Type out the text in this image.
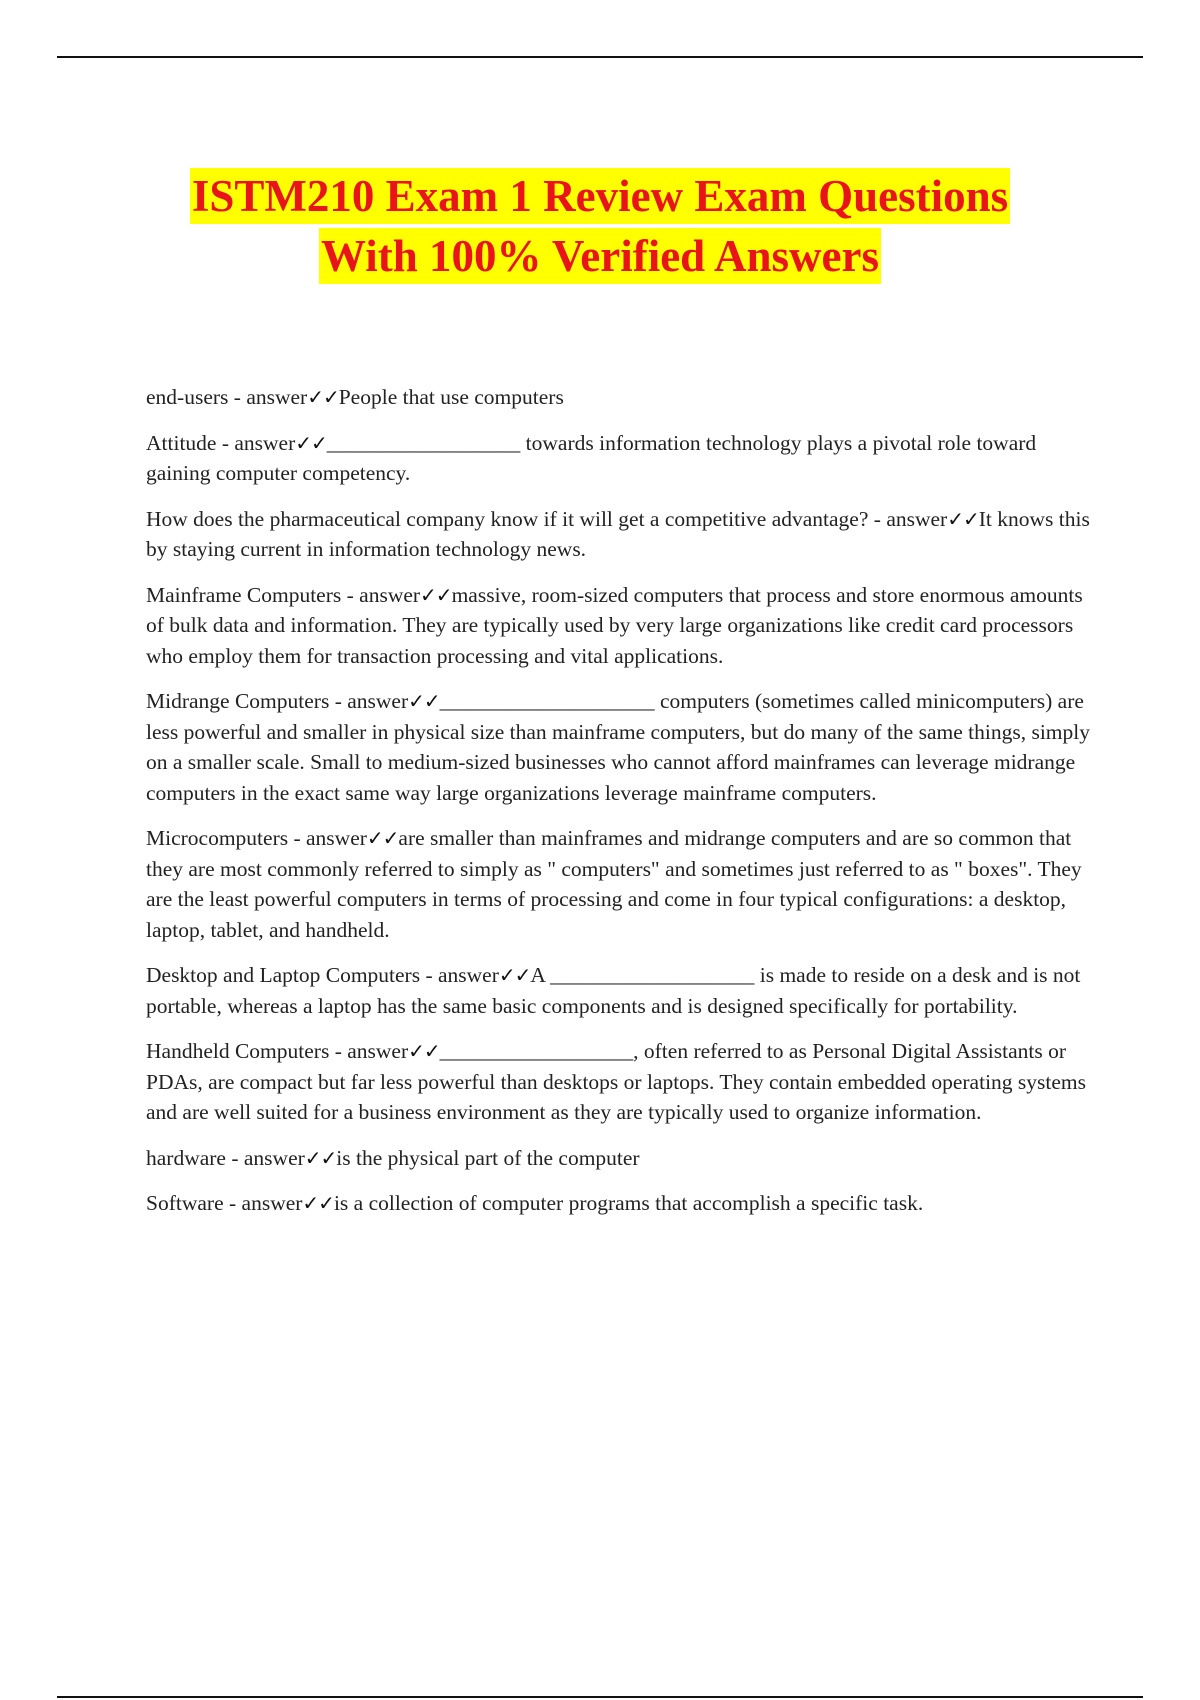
ISTM210 Exam 1 Review Exam Questions
With 100% Verified Answers

end-users - answer✓✓People that use computers

Attitude - answer✓✓__________________ towards information technology plays a pivotal role toward gaining computer competency.

How does the pharmaceutical company know if it will get a competitive advantage? - answer✓✓It knows this by staying current in information technology news.

Mainframe Computers - answer✓✓massive, room-sized computers that process and store enormous amounts of bulk data and information. They are typically used by very large organizations like credit card processors who employ them for transaction processing and vital applications.

Midrange Computers - answer✓✓____________________ computers (sometimes called minicomputers) are less powerful and smaller in physical size than mainframe computers, but do many of the same things, simply on a smaller scale. Small to medium-sized businesses who cannot afford mainframes can leverage midrange computers in the exact same way large organizations leverage mainframe computers.

Microcomputers - answer✓✓are smaller than mainframes and midrange computers and are so common that they are most commonly referred to simply as " computers" and sometimes just referred to as " boxes". They are the least powerful computers in terms of processing and come in four typical configurations: a desktop, laptop, tablet, and handheld.

Desktop and Laptop Computers - answer✓✓A ___________________ is made to reside on a desk and is not portable, whereas a laptop has the same basic components and is designed specifically for portability.

Handheld Computers - answer✓✓__________________, often referred to as Personal Digital Assistants or PDAs, are compact but far less powerful than desktops or laptops. They contain embedded operating systems and are well suited for a business environment as they are typically used to organize information.

hardware - answer✓✓is the physical part of the computer

Software - answer✓✓is a collection of computer programs that accomplish a specific task.
